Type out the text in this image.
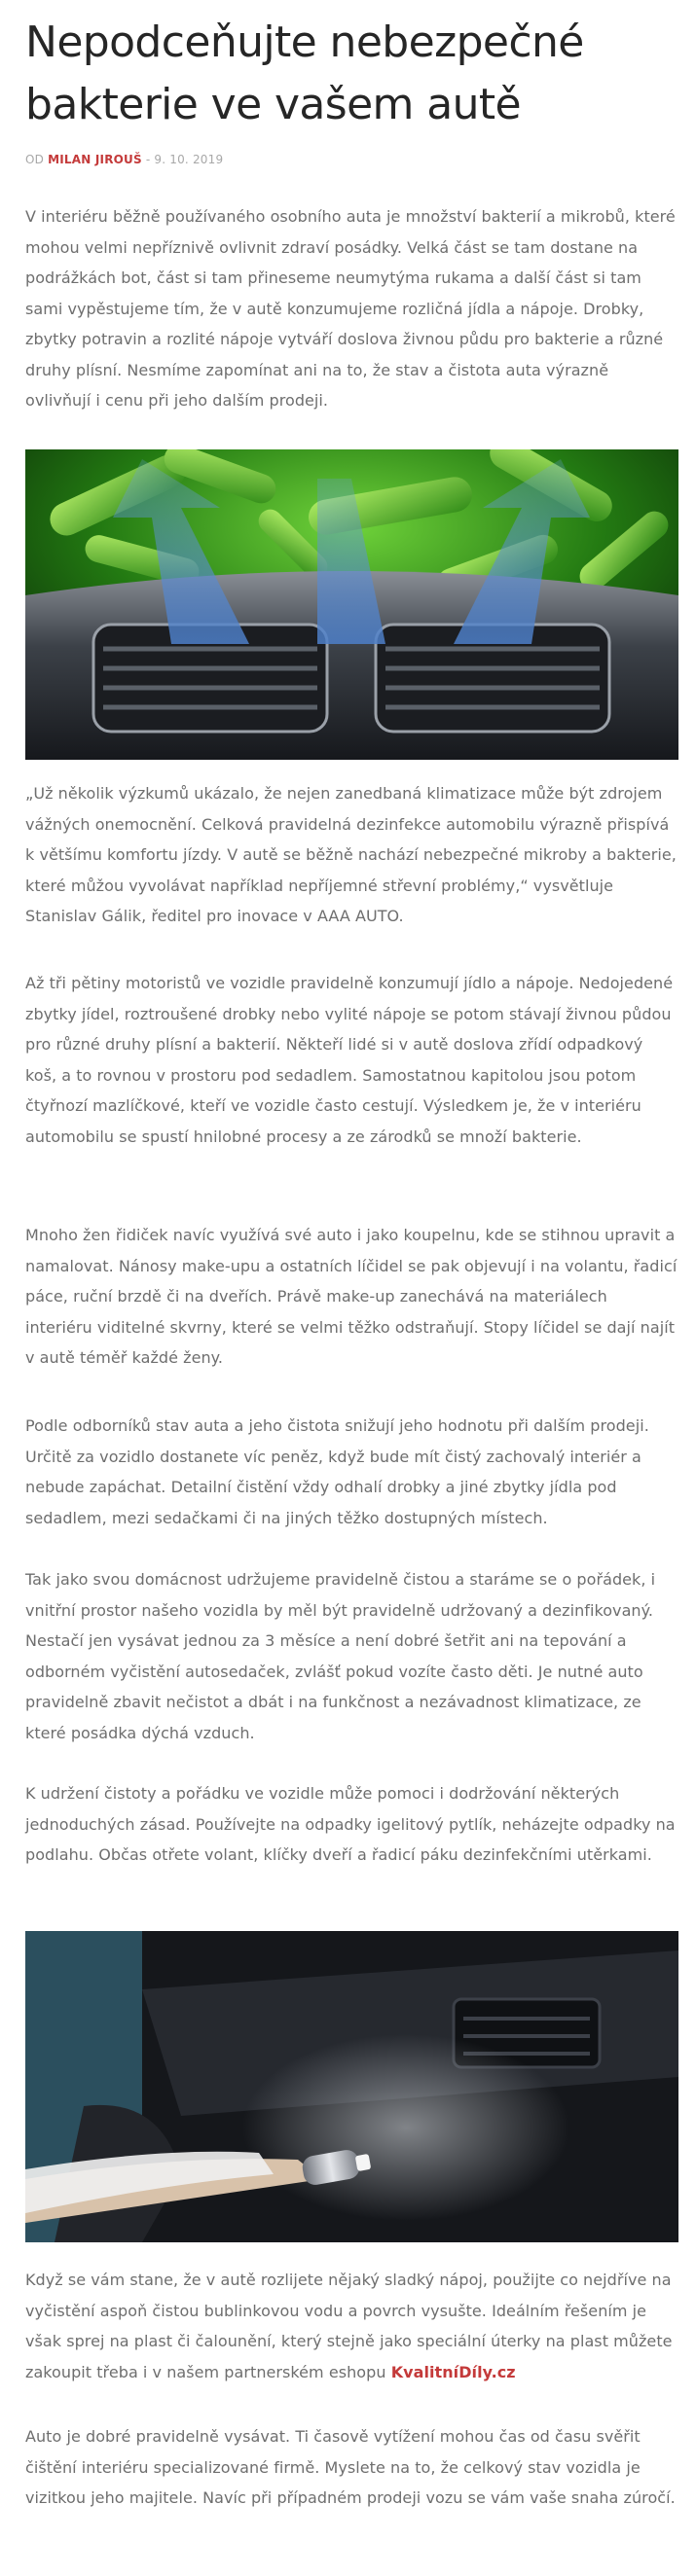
Nepodceňujte nebezpečné bakterie ve vašem autě
OD MILAN JIROUŠ - 9. 10. 2019

V interiéru běžně používaného osobního auta je množství bakterií a mikrobů, které mohou velmi nepříznivě ovlivnit zdraví posádky. Velká část se tam dostane na podrážkách bot, část si tam přineseme neumytýma rukama a další část si tam sami vypěstujeme tím, že v autě konzumujeme rozličná jídla a nápoje. Drobky, zbytky potravin a rozlité nápoje vytváří doslova živnou půdu pro bakterie a různé druhy plísní. Nesmíme zapomínat ani na to, že stav a čistota auta výrazně ovlivňují i cenu při jeho dalším prodeji.

„Už několik výzkumů ukázalo, že nejen zanedbaná klimatizace může být zdrojem vážných onemocnění. Celková pravidelná dezinfekce automobilu výrazně přispívá k většímu komfortu jízdy. V autě se běžně nachází nebezpečné mikroby a bakterie, které můžou vyvolávat například nepříjemné střevní problémy,“ vysvětluje Stanislav Gálik, ředitel pro inovace v AAA AUTO.

Až tři pětiny motoristů ve vozidle pravidelně konzumují jídlo a nápoje. Nedojedené zbytky jídel, roztroušené drobky nebo vylité nápoje se potom stávají živnou půdou pro různé druhy plísní a bakterií. Někteří lidé si v autě doslova zřídí odpadkový koš, a to rovnou v prostoru pod sedadlem. Samostatnou kapitolou jsou potom čtyřnozí mazlíčkové, kteří ve vozidle často cestují. Výsledkem je, že v interiéru automobilu se spustí hnilobné procesy a ze zárodků se množí bakterie.

Mnoho žen řidiček navíc využívá své auto i jako koupelnu, kde se stihnou upravit a namalovat. Nánosy make-upu a ostatních líčidel se pak objevují i na volantu, řadicí páce, ruční brzdě či na dveřích. Právě make-up zanechává na materiálech interiéru viditelné skvrny, které se velmi těžko odstraňují. Stopy líčidel se dají najít v autě téměř každé ženy.

Podle odborníků stav auta a jeho čistota snižují jeho hodnotu při dalším prodeji. Určitě za vozidlo dostanete víc peněz, když bude mít čistý zachovalý interiér a nebude zapáchat. Detailní čistění vždy odhalí drobky a jiné zbytky jídla pod sedadlem, mezi sedačkami či na jiných těžko dostupných místech.

Tak jako svou domácnost udržujeme pravidelně čistou a staráme se o pořádek, i vnitřní prostor našeho vozidla by měl být pravidelně udržovaný a dezinfikovaný. Nestačí jen vysávat jednou za 3 měsíce a není dobré šetřit ani na tepování a odborném vyčistění autosedaček, zvlášť pokud vozíte často děti. Je nutné auto pravidelně zbavit nečistot a dbát i na funkčnost a nezávadnost klimatizace, ze které posádka dýchá vzduch.

K udržení čistoty a pořádku ve vozidle může pomoci i dodržování některých jednoduchých zásad. Používejte na odpadky igelitový pytlík, neházejte odpadky na podlahu. Občas otřete volant, klíčky dveří a řadicí páku dezinfekčními utěrkami.

Když se vám stane, že v autě rozlijete nějaký sladký nápoj, použijte co nejdříve na vyčistění aspoň čistou bublinkovou vodu a povrch vysušte. Ideálním řešením je však sprej na plast či čalounění, který stejně jako speciální úterky na plast můžete zakoupit třeba i v našem partnerském eshopu KvalitníDíly.cz

Auto je dobré pravidelně vysávat. Ti časově vytížení mohou čas od času svěřit čištění interiéru specializované firmě. Myslete na to, že celkový stav vozidla je vizitkou jeho majitele. Navíc při případném prodeji vozu se vám vaše snaha zúročí.
